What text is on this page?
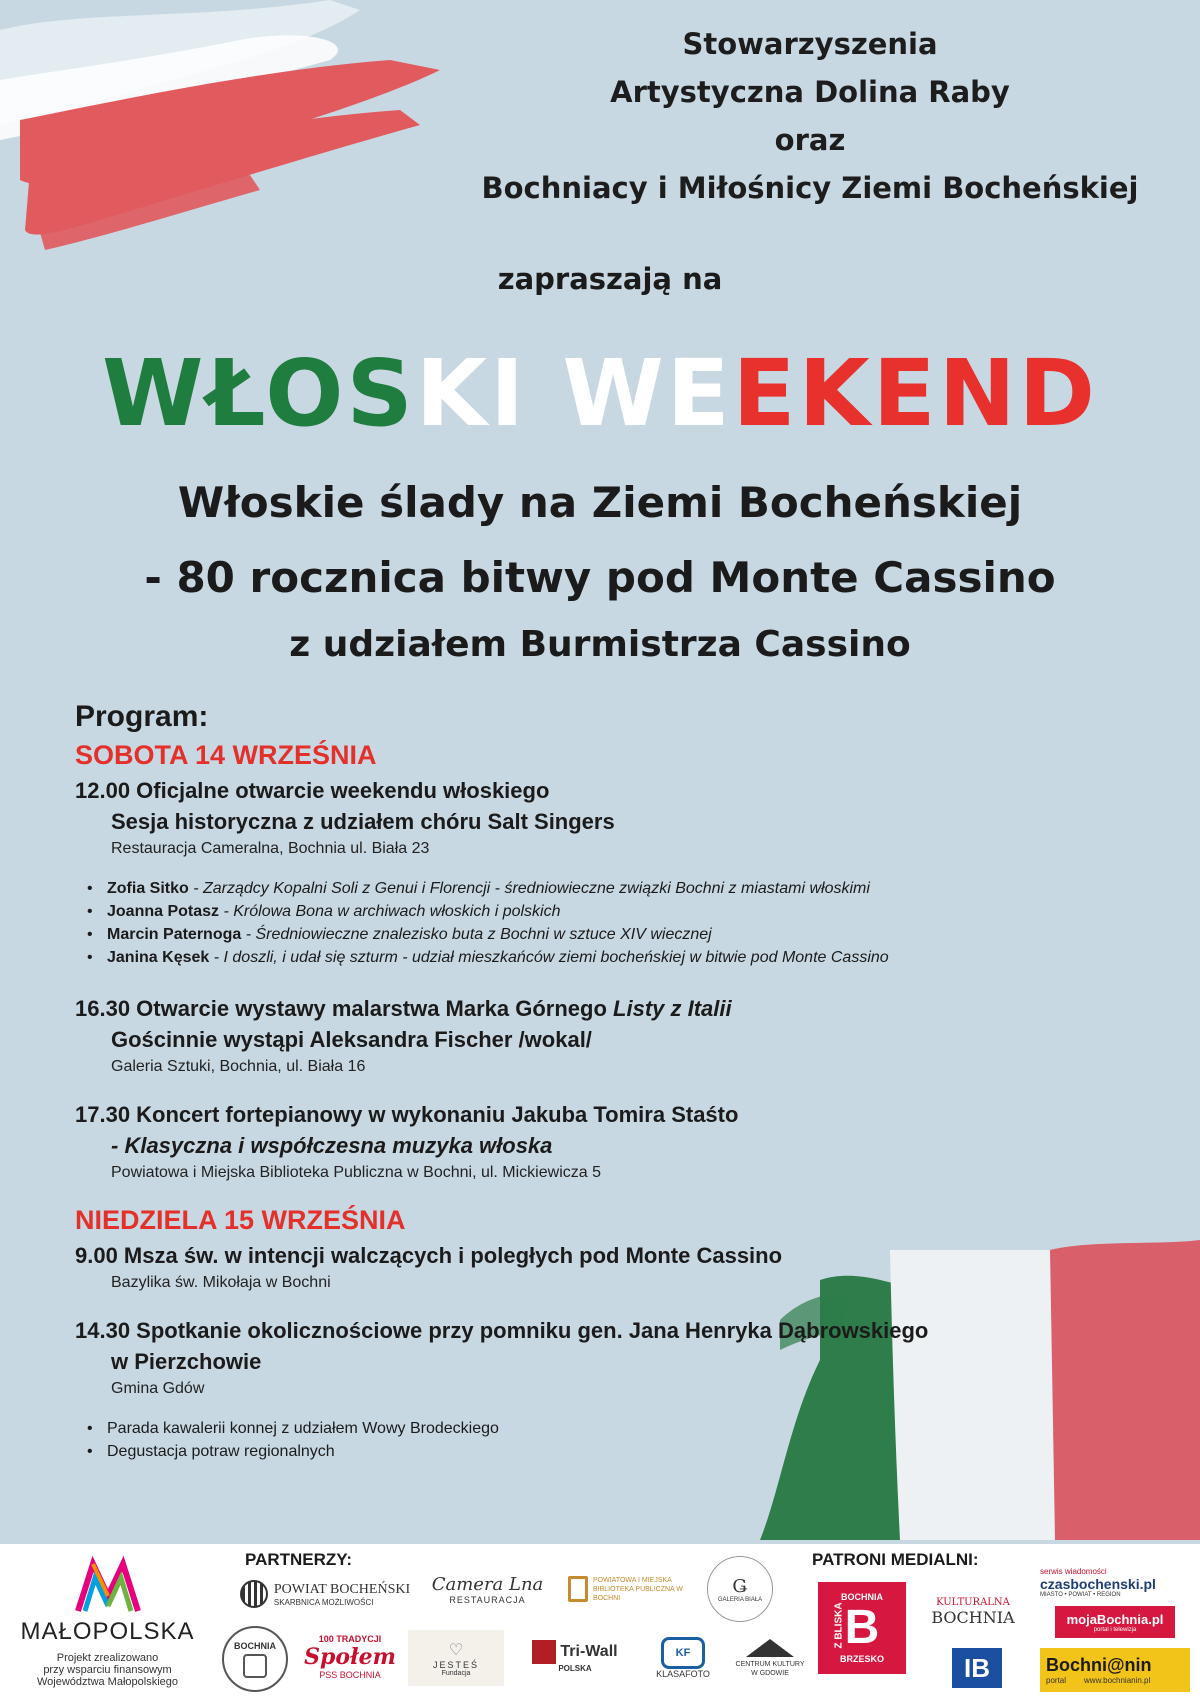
Stowarzyszenia
Artystyczna Dolina Raby
oraz
Bochniacy i Miłośnicy Ziemi Bocheńskiej
zapraszają na
WŁOSKI WEEKEND
Włoskie ślady na Ziemi Bocheńskiej
- 80 rocznica bitwy pod Monte Cassino
z udziałem Burmistrza Cassino
Program:
SOBOTA 14 WRZEŚNIA
12.00 Oficjalne otwarcie weekendu włoskiego
Sesja historyczna z udziałem chóru Salt Singers
Restauracja Cameralna, Bochnia ul. Biała 23
• Zofia Sitko - Zarządcy Kopalni Soli z Genui i Florencji - średniowieczne związki Bochni z miastami włoskimi
• Joanna Potasz - Królowa Bona w archiwach włoskich i polskich
• Marcin Paternoga - Średniowieczne znalezisko buta z Bochni w sztuce XIV wiecznej
• Janina Kęsek - I doszli, i udał się szturm - udział mieszkańców ziemi bocheńskiej w bitwie pod Monte Cassino
16.30 Otwarcie wystawy malarstwa Marka Górnego Listy z Italii
Gościnnie wystąpi Aleksandra Fischer /wokal/
Galeria Sztuki, Bochnia, ul. Biała 16
17.30 Koncert fortepianowy w wykonaniu Jakuba Tomira Staśto
- Klasyczna i współczesna muzyka włoska
Powiatowa i Miejska Biblioteka Publiczna w Bochni, ul. Mickiewicza 5
NIEDZIELA 15 WRZEŚNIA
9.00 Msza św. w intencji walczących i poległych pod Monte Cassino
Bazylika św. Mikołaja w Bochni
14.30 Spotkanie okolicznościowe przy pomniku gen. Jana Henryka Dąbrowskiego
w Pierzchowie
Gmina Gdów
• Parada kawalerii konnej z udziałem Wowy Brodeckiego
• Degustacja potraw regionalnych
MAŁOPOLSKA
Projekt zrealizowano
przy wsparciu finansowym
Województwa Małopolskiego
PARTNERZY:	PATRONI MEDIALNI:
POWIAT BOCHEŃSKI
SKARBNICA MOŻLIWOŚCI
Camera Lna
RESTAURACJA
POWIATOWA I MIEJSKA BIBLIOTEKA PUBLICZNA W BOCHNI
Ǥ
GALERIA BIAŁA
BOCHNIA
100 TRADYCJI
Społem
PSS BOCHNIA
♡
JESTEŚ
Fundacja
Tri-Wall
POLSKA
KF
KLASAFOTO
CENTRUM KULTURY W GDOWIE
serwis wiadomości
czasbochenski.pl
MIASTO • POWIAT • REGION
BOCHNIA
B
BRZESKO
Z BLISKA	KULTURALNA
BOCHNIA	mojaBochnia.pl
portal i telewizja
IB	Bochni@nin
portal www.bochnianin.pl
